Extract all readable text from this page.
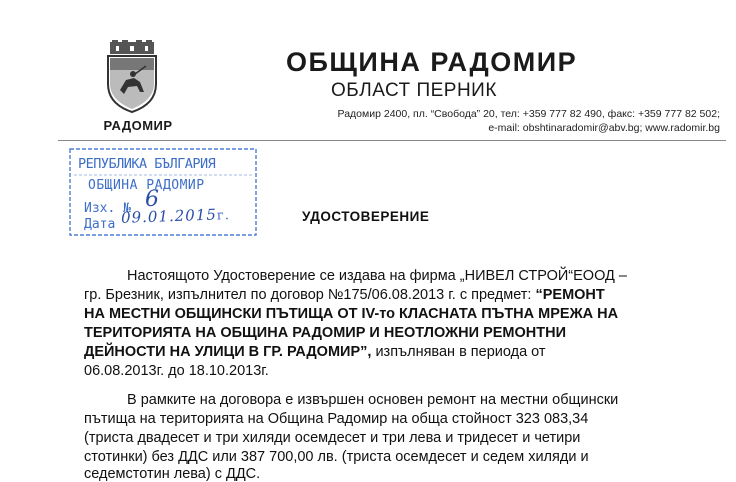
РАДОМИР
ОБЩИНА РАДОМИР
ОБЛАСТ ПЕРНИК
Радомир 2400, пл. “Свобода” 20, тел: +359 777 82 490, факс: +359 777 82 502;
e-mail: obshtinaradomir@abv.bg; www.radomir.bg
РЕПУБЛИКА БЪЛГАРИЯ
ОБЩИНА РАДОМИР
Изх. №
Дата
6
09.01.2015г.	УДОСТОВЕРЕНИЕ
Настоящото Удостоверение се издава на фирма „НИВЕЛ СТРОЙ“ЕООД –
гр. Брезник, изпълнител по договор №175/06.08.2013 г. с предмет: “РЕМОНТ
НА МЕСТНИ ОБЩИНСКИ ПЪТИЩА ОТ IV-то КЛАСНАТА ПЪТНА МРЕЖА НА
ТЕРИТОРИЯТА НА ОБЩИНА РАДОМИР И НЕОТЛОЖНИ РЕМОНТНИ
ДЕЙНОСТИ НА УЛИЦИ В ГР. РАДОМИР”, изпълняван в периода от
06.08.2013г. до 18.10.2013г.
В рамките на договора е извършен основен ремонт на местни общински
пътища на територията на Община Радомир на обща стойност 323 083,34
(триста двадесет и три хиляди осемдесет и три лева и тридесет и четири
стотинки) без ДДС или 387 700,00 лв. (триста осемдесет и седем хиляди и
седемстотин лева) с ДДС.
